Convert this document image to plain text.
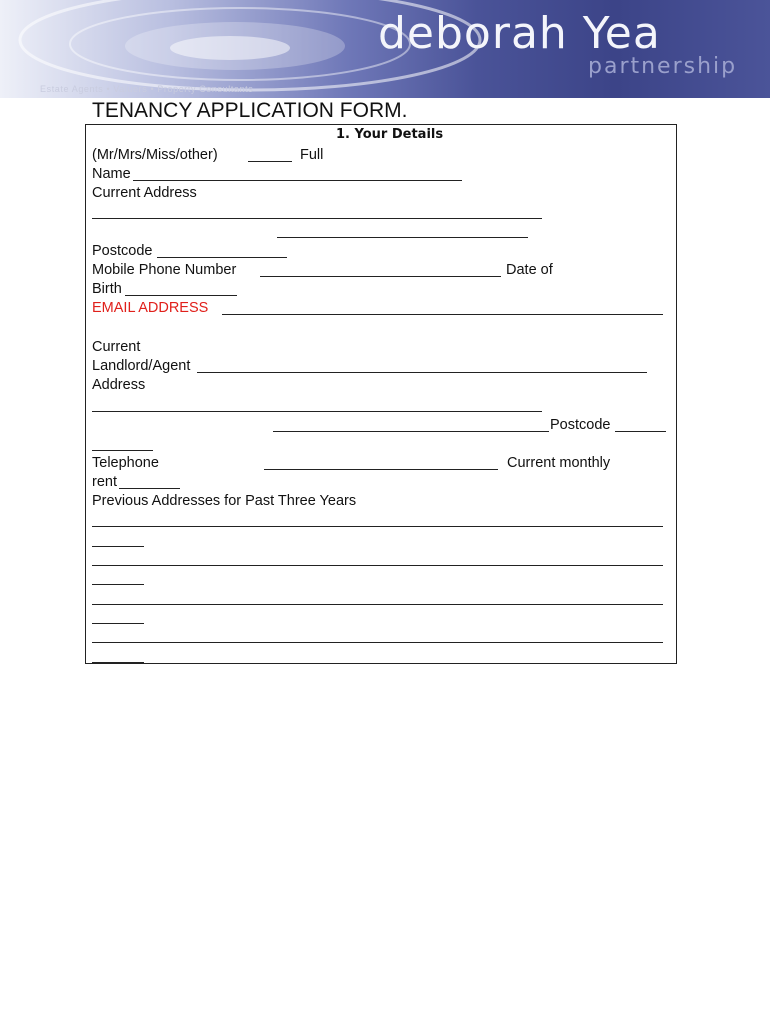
deborah Yea
partnership
Estate Agents • Valuers • Property Consultants
TENANCY APPLICATION FORM.
1. Your Details
(Mr/Mrs/Miss/other)	Full
Name
Current Address
Postcode
Mobile Phone Number	Date of
Birth
EMAIL ADDRESS
Current
Landlord/Agent
Address
Postcode
Telephone	Current monthly
rent
Previous Addresses for Past Three Years
